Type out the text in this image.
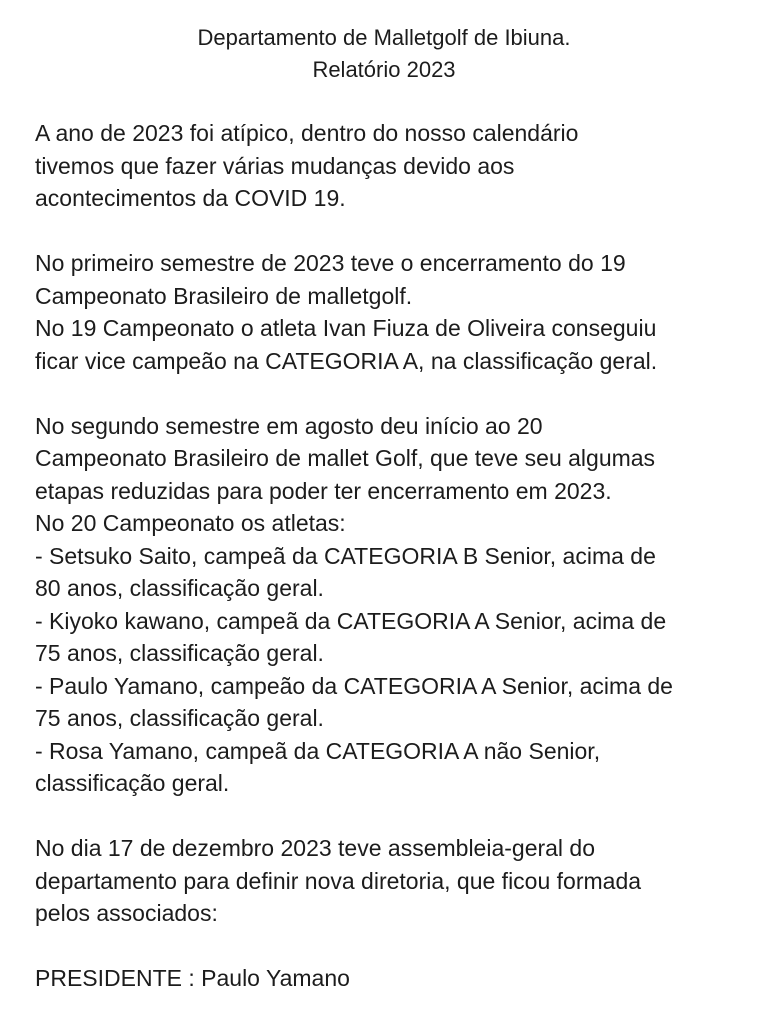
Departamento de Malletgolf de Ibiuna.
Relatório 2023
A ano de 2023 foi atípico, dentro do nosso calendário
tivemos que fazer várias mudanças devido aos
acontecimentos da COVID 19.
No primeiro semestre de 2023 teve o encerramento do 19
Campeonato Brasileiro de malletgolf.
No 19 Campeonato o atleta Ivan Fiuza de Oliveira conseguiu
ficar vice campeão na CATEGORIA A, na classificação geral.
No segundo semestre em agosto deu início ao 20
Campeonato Brasileiro de mallet Golf, que teve seu algumas
etapas reduzidas para poder ter encerramento em 2023.
No 20 Campeonato os atletas:
- Setsuko Saito, campeã da CATEGORIA B Senior, acima de
80 anos, classificação geral.
- Kiyoko kawano, campeã da CATEGORIA A Senior, acima de
75 anos, classificação geral.
- Paulo Yamano, campeão da CATEGORIA A Senior, acima de
75 anos, classificação geral.
- Rosa Yamano, campeã da CATEGORIA A não Senior,
classificação geral.
No dia 17 de dezembro 2023 teve assembleia-geral do
departamento para definir nova diretoria, que ficou formada
pelos associados:
PRESIDENTE : Paulo Yamano
